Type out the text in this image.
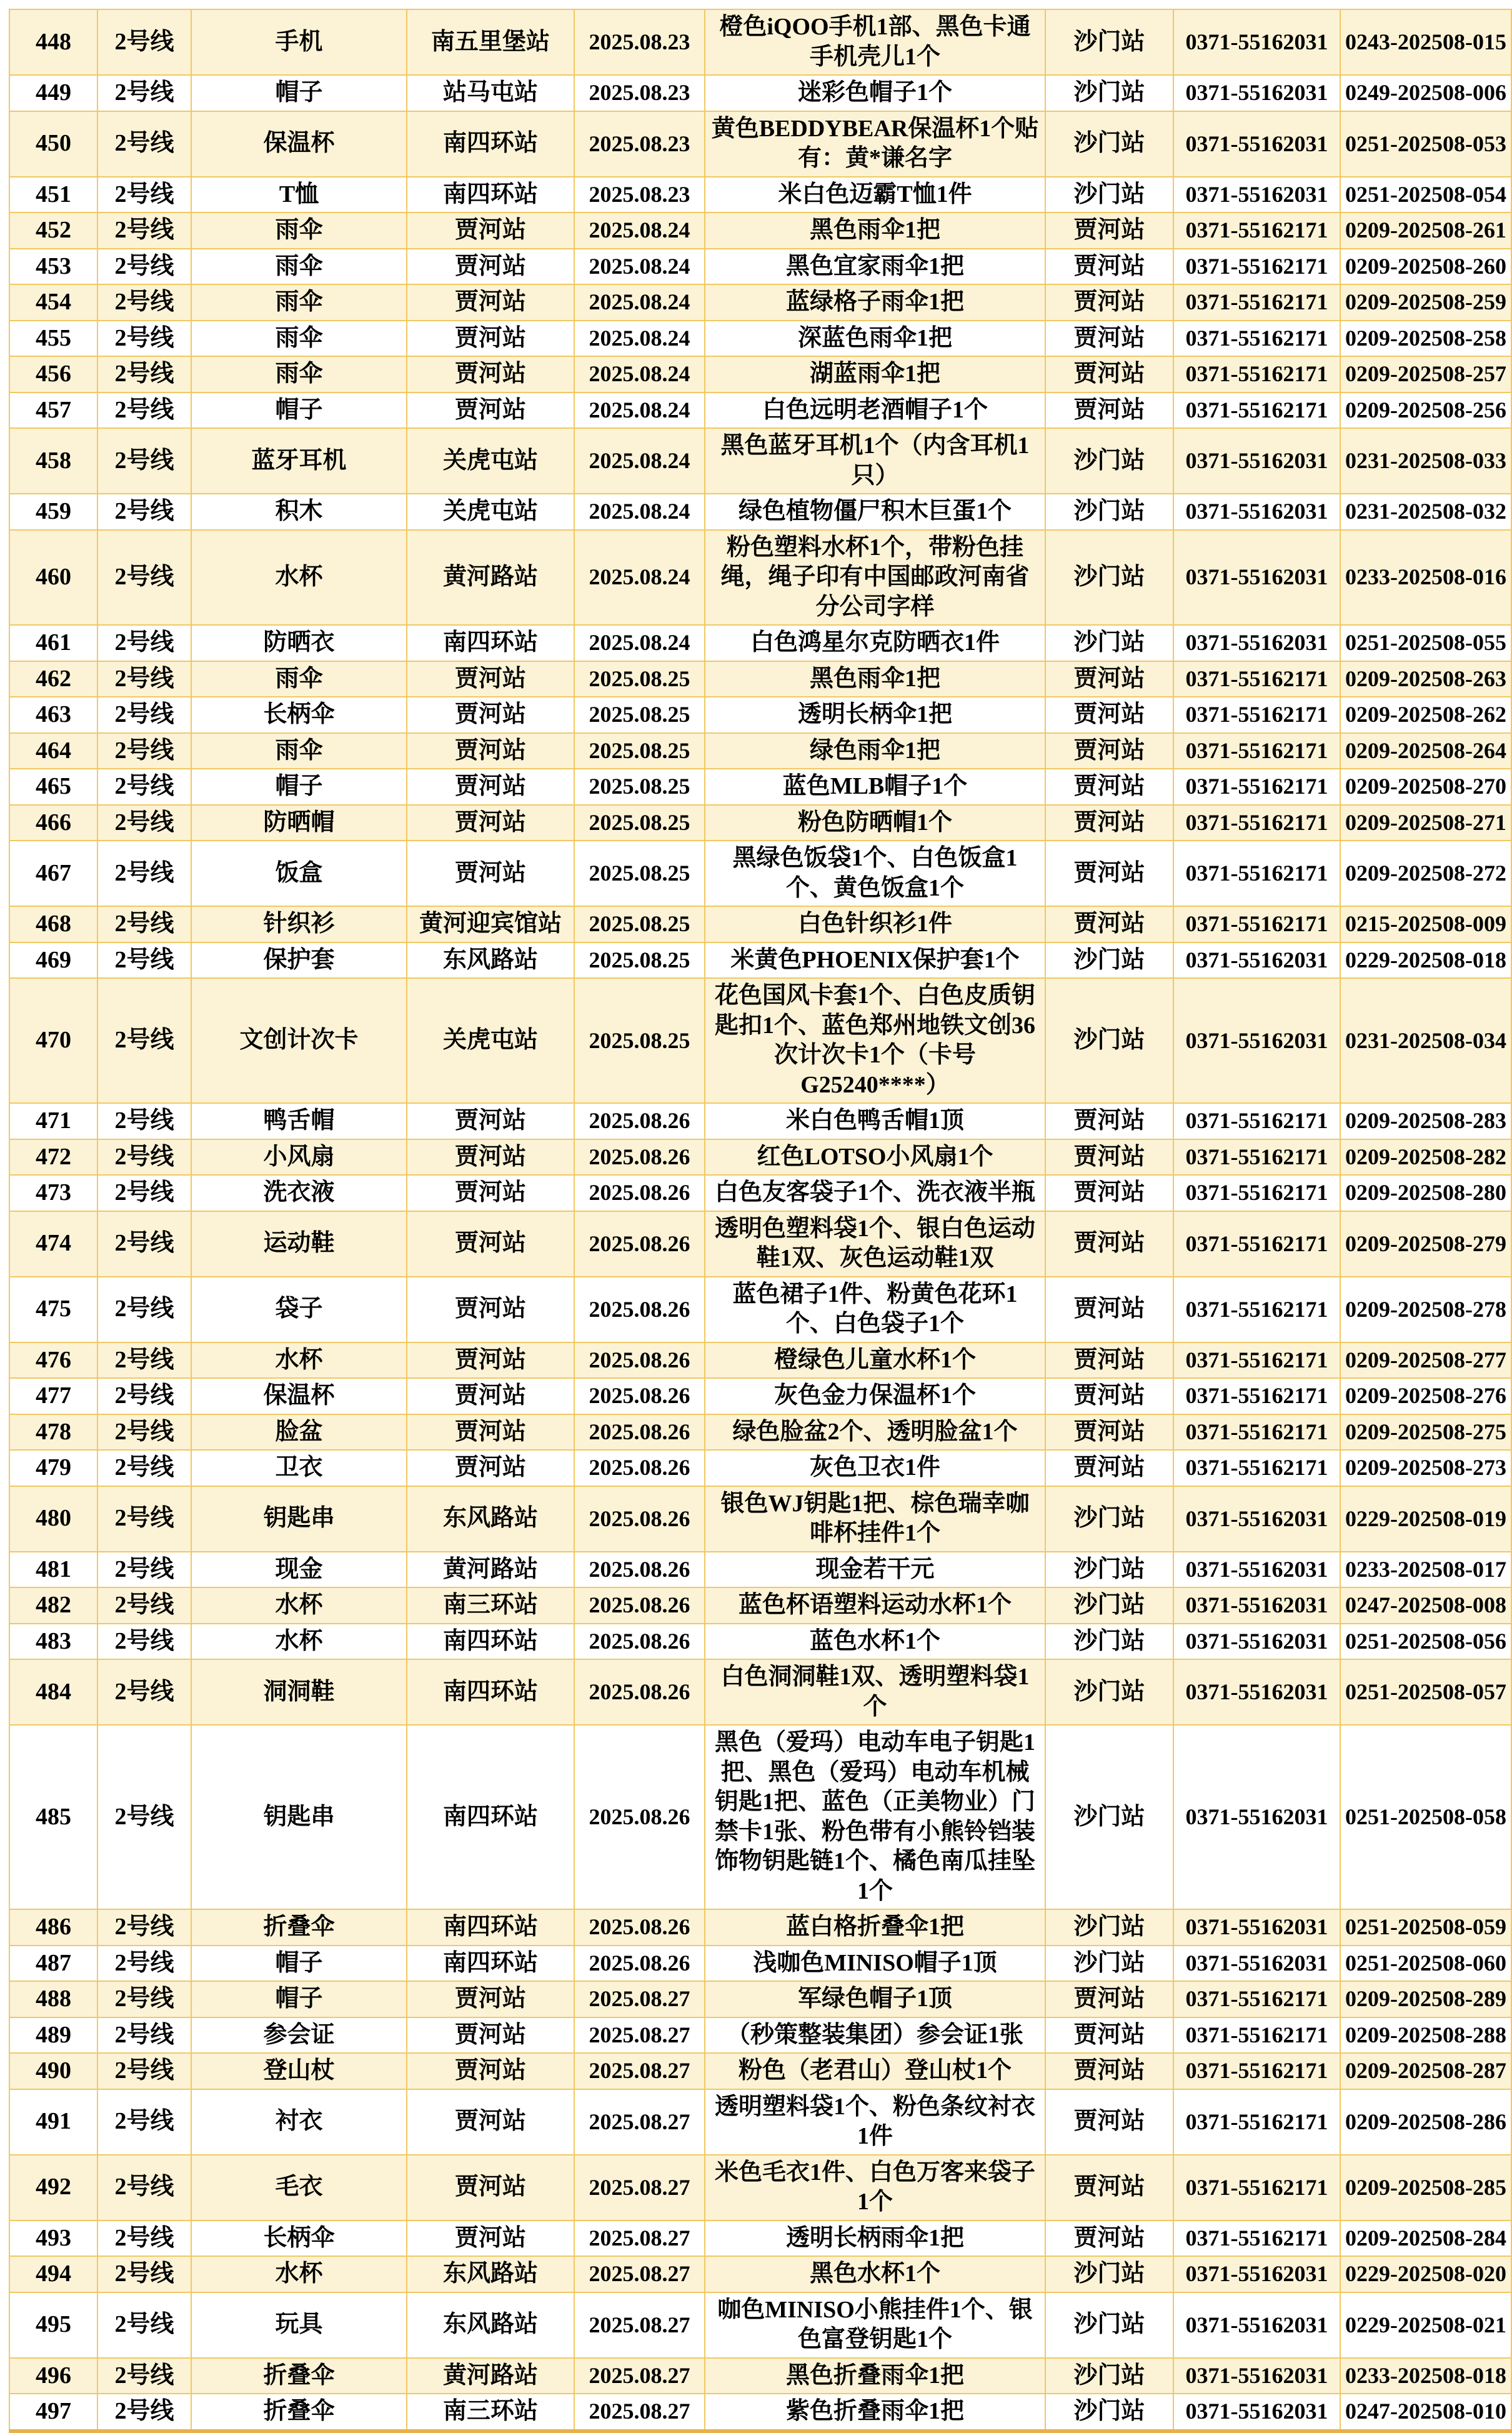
448	2号线	手机	南五里堡站	2025.08.23	橙色iQOO手机1部、黑色卡通手机壳儿1个	沙门站	0371-55162031	0243-202508-015
449	2号线	帽子	站马屯站	2025.08.23	迷彩色帽子1个	沙门站	0371-55162031	0249-202508-006
450	2号线	保温杯	南四环站	2025.08.23	黄色BEDDYBEAR保温杯1个贴有：黄*谦名字	沙门站	0371-55162031	0251-202508-053
451	2号线	T恤	南四环站	2025.08.23	米白色迈霸T恤1件	沙门站	0371-55162031	0251-202508-054
452	2号线	雨伞	贾河站	2025.08.24	黑色雨伞1把	贾河站	0371-55162171	0209-202508-261
453	2号线	雨伞	贾河站	2025.08.24	黑色宜家雨伞1把	贾河站	0371-55162171	0209-202508-260
454	2号线	雨伞	贾河站	2025.08.24	蓝绿格子雨伞1把	贾河站	0371-55162171	0209-202508-259
455	2号线	雨伞	贾河站	2025.08.24	深蓝色雨伞1把	贾河站	0371-55162171	0209-202508-258
456	2号线	雨伞	贾河站	2025.08.24	湖蓝雨伞1把	贾河站	0371-55162171	0209-202508-257
457	2号线	帽子	贾河站	2025.08.24	白色远明老酒帽子1个	贾河站	0371-55162171	0209-202508-256
458	2号线	蓝牙耳机	关虎屯站	2025.08.24	黑色蓝牙耳机1个（内含耳机1只）	沙门站	0371-55162031	0231-202508-033
459	2号线	积木	关虎屯站	2025.08.24	绿色植物僵尸积木巨蛋1个	沙门站	0371-55162031	0231-202508-032
460	2号线	水杯	黄河路站	2025.08.24	粉色塑料水杯1个，带粉色挂绳，绳子印有中国邮政河南省分公司字样	沙门站	0371-55162031	0233-202508-016
461	2号线	防晒衣	南四环站	2025.08.24	白色鸿星尔克防晒衣1件	沙门站	0371-55162031	0251-202508-055
462	2号线	雨伞	贾河站	2025.08.25	黑色雨伞1把	贾河站	0371-55162171	0209-202508-263
463	2号线	长柄伞	贾河站	2025.08.25	透明长柄伞1把	贾河站	0371-55162171	0209-202508-262
464	2号线	雨伞	贾河站	2025.08.25	绿色雨伞1把	贾河站	0371-55162171	0209-202508-264
465	2号线	帽子	贾河站	2025.08.25	蓝色MLB帽子1个	贾河站	0371-55162171	0209-202508-270
466	2号线	防晒帽	贾河站	2025.08.25	粉色防晒帽1个	贾河站	0371-55162171	0209-202508-271
467	2号线	饭盒	贾河站	2025.08.25	黑绿色饭袋1个、白色饭盒1个、黄色饭盒1个	贾河站	0371-55162171	0209-202508-272
468	2号线	针织衫	黄河迎宾馆站	2025.08.25	白色针织衫1件	贾河站	0371-55162171	0215-202508-009
469	2号线	保护套	东风路站	2025.08.25	米黄色PHOENIX保护套1个	沙门站	0371-55162031	0229-202508-018
470	2号线	文创计次卡	关虎屯站	2025.08.25	花色国风卡套1个、白色皮质钥匙扣1个、蓝色郑州地铁文创36次计次卡1个（卡号G25240****）	沙门站	0371-55162031	0231-202508-034
471	2号线	鸭舌帽	贾河站	2025.08.26	米白色鸭舌帽1顶	贾河站	0371-55162171	0209-202508-283
472	2号线	小风扇	贾河站	2025.08.26	红色LOTSO小风扇1个	贾河站	0371-55162171	0209-202508-282
473	2号线	洗衣液	贾河站	2025.08.26	白色友客袋子1个、洗衣液半瓶	贾河站	0371-55162171	0209-202508-280
474	2号线	运动鞋	贾河站	2025.08.26	透明色塑料袋1个、银白色运动鞋1双、灰色运动鞋1双	贾河站	0371-55162171	0209-202508-279
475	2号线	袋子	贾河站	2025.08.26	蓝色裙子1件、粉黄色花环1个、白色袋子1个	贾河站	0371-55162171	0209-202508-278
476	2号线	水杯	贾河站	2025.08.26	橙绿色儿童水杯1个	贾河站	0371-55162171	0209-202508-277
477	2号线	保温杯	贾河站	2025.08.26	灰色金力保温杯1个	贾河站	0371-55162171	0209-202508-276
478	2号线	脸盆	贾河站	2025.08.26	绿色脸盆2个、透明脸盆1个	贾河站	0371-55162171	0209-202508-275
479	2号线	卫衣	贾河站	2025.08.26	灰色卫衣1件	贾河站	0371-55162171	0209-202508-273
480	2号线	钥匙串	东风路站	2025.08.26	银色WJ钥匙1把、棕色瑞幸咖啡杯挂件1个	沙门站	0371-55162031	0229-202508-019
481	2号线	现金	黄河路站	2025.08.26	现金若干元	沙门站	0371-55162031	0233-202508-017
482	2号线	水杯	南三环站	2025.08.26	蓝色杯语塑料运动水杯1个	沙门站	0371-55162031	0247-202508-008
483	2号线	水杯	南四环站	2025.08.26	蓝色水杯1个	沙门站	0371-55162031	0251-202508-056
484	2号线	洞洞鞋	南四环站	2025.08.26	白色洞洞鞋1双、透明塑料袋1个	沙门站	0371-55162031	0251-202508-057
485	2号线	钥匙串	南四环站	2025.08.26	黑色（爱玛）电动车电子钥匙1把、黑色（爱玛）电动车机械钥匙1把、蓝色（正美物业）门禁卡1张、粉色带有小熊铃铛装饰物钥匙链1个、橘色南瓜挂坠1个	沙门站	0371-55162031	0251-202508-058
486	2号线	折叠伞	南四环站	2025.08.26	蓝白格折叠伞1把	沙门站	0371-55162031	0251-202508-059
487	2号线	帽子	南四环站	2025.08.26	浅咖色MINISO帽子1顶	沙门站	0371-55162031	0251-202508-060
488	2号线	帽子	贾河站	2025.08.27	军绿色帽子1顶	贾河站	0371-55162171	0209-202508-289
489	2号线	参会证	贾河站	2025.08.27	（秒策整装集团）参会证1张	贾河站	0371-55162171	0209-202508-288
490	2号线	登山杖	贾河站	2025.08.27	粉色（老君山）登山杖1个	贾河站	0371-55162171	0209-202508-287
491	2号线	衬衣	贾河站	2025.08.27	透明塑料袋1个、粉色条纹衬衣1件	贾河站	0371-55162171	0209-202508-286
492	2号线	毛衣	贾河站	2025.08.27	米色毛衣1件、白色万客来袋子1个	贾河站	0371-55162171	0209-202508-285
493	2号线	长柄伞	贾河站	2025.08.27	透明长柄雨伞1把	贾河站	0371-55162171	0209-202508-284
494	2号线	水杯	东风路站	2025.08.27	黑色水杯1个	沙门站	0371-55162031	0229-202508-020
495	2号线	玩具	东风路站	2025.08.27	咖色MINISO小熊挂件1个、银色富登钥匙1个	沙门站	0371-55162031	0229-202508-021
496	2号线	折叠伞	黄河路站	2025.08.27	黑色折叠雨伞1把	沙门站	0371-55162031	0233-202508-018
497	2号线	折叠伞	南三环站	2025.08.27	紫色折叠雨伞1把	沙门站	0371-55162031	0247-202508-010
